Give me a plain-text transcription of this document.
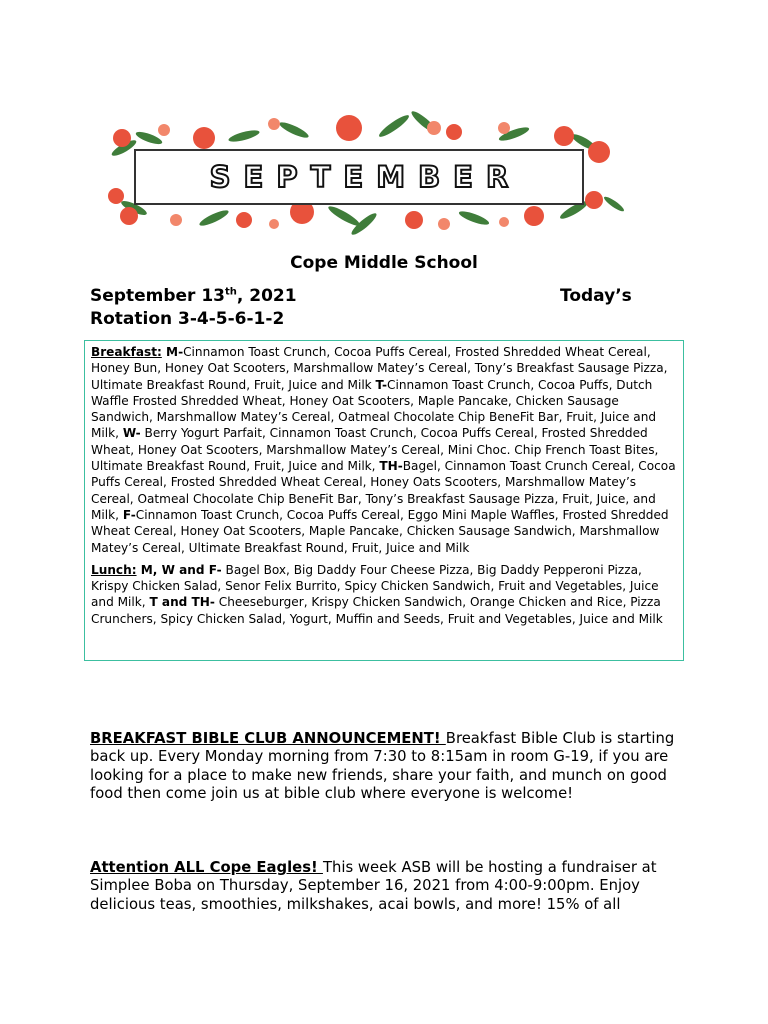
SEPTEMBER
Cope Middle School
September 13th, 2021	Today’s
Rotation 3-4-5-6-1-2

Breakfast: M-Cinnamon Toast Crunch, Cocoa Puffs Cereal, Frosted Shredded Wheat Cereal, Honey Bun, Honey Oat Scooters, Marshmallow Matey’s Cereal, Tony’s Breakfast Sausage Pizza, Ultimate Breakfast Round, Fruit, Juice and Milk T-Cinnamon Toast Crunch, Cocoa Puffs, Dutch Waffle Frosted Shredded Wheat, Honey Oat Scooters, Maple Pancake, Chicken Sausage Sandwich, Marshmallow Matey’s Cereal, Oatmeal Chocolate Chip BeneFit Bar, Fruit, Juice and Milk, W- Berry Yogurt Parfait, Cinnamon Toast Crunch, Cocoa Puffs Cereal, Frosted Shredded Wheat, Honey Oat Scooters, Marshmallow Matey’s Cereal, Mini Choc. Chip French Toast Bites, Ultimate Breakfast Round, Fruit, Juice and Milk, TH-Bagel, Cinnamon Toast Crunch Cereal, Cocoa Puffs Cereal, Frosted Shredded Wheat Cereal, Honey Oats Scooters, Marshmallow Matey’s Cereal, Oatmeal Chocolate Chip BeneFit Bar, Tony’s Breakfast Sausage Pizza, Fruit, Juice, and Milk, F-Cinnamon Toast Crunch, Cocoa Puffs Cereal, Eggo Mini Maple Waffles, Frosted Shredded Wheat Cereal, Honey Oat Scooters, Maple Pancake, Chicken Sausage Sandwich, Marshmallow Matey’s Cereal, Ultimate Breakfast Round, Fruit, Juice and Milk

Lunch: M, W and F- Bagel Box, Big Daddy Four Cheese Pizza, Big Daddy Pepperoni Pizza, Krispy Chicken Salad, Senor Felix Burrito, Spicy Chicken Sandwich, Fruit and Vegetables, Juice and Milk, T and TH- Cheeseburger, Krispy Chicken Sandwich, Orange Chicken and Rice, Pizza Crunchers, Spicy Chicken Salad, Yogurt, Muffin and Seeds, Fruit and Vegetables, Juice and Milk

BREAKFAST BIBLE CLUB ANNOUNCEMENT! Breakfast Bible Club is starting back up. Every Monday morning from 7:30 to 8:15am in room G-19, if you are looking for a place to make new friends, share your faith, and munch on good food then come join us at bible club where everyone is welcome!
Attention ALL Cope Eagles! This week ASB will be hosting a fundraiser at Simplee Boba on Thursday, September 16, 2021 from 4:00-9:00pm. Enjoy delicious teas, smoothies, milkshakes, acai bowls, and more! 15% of all
